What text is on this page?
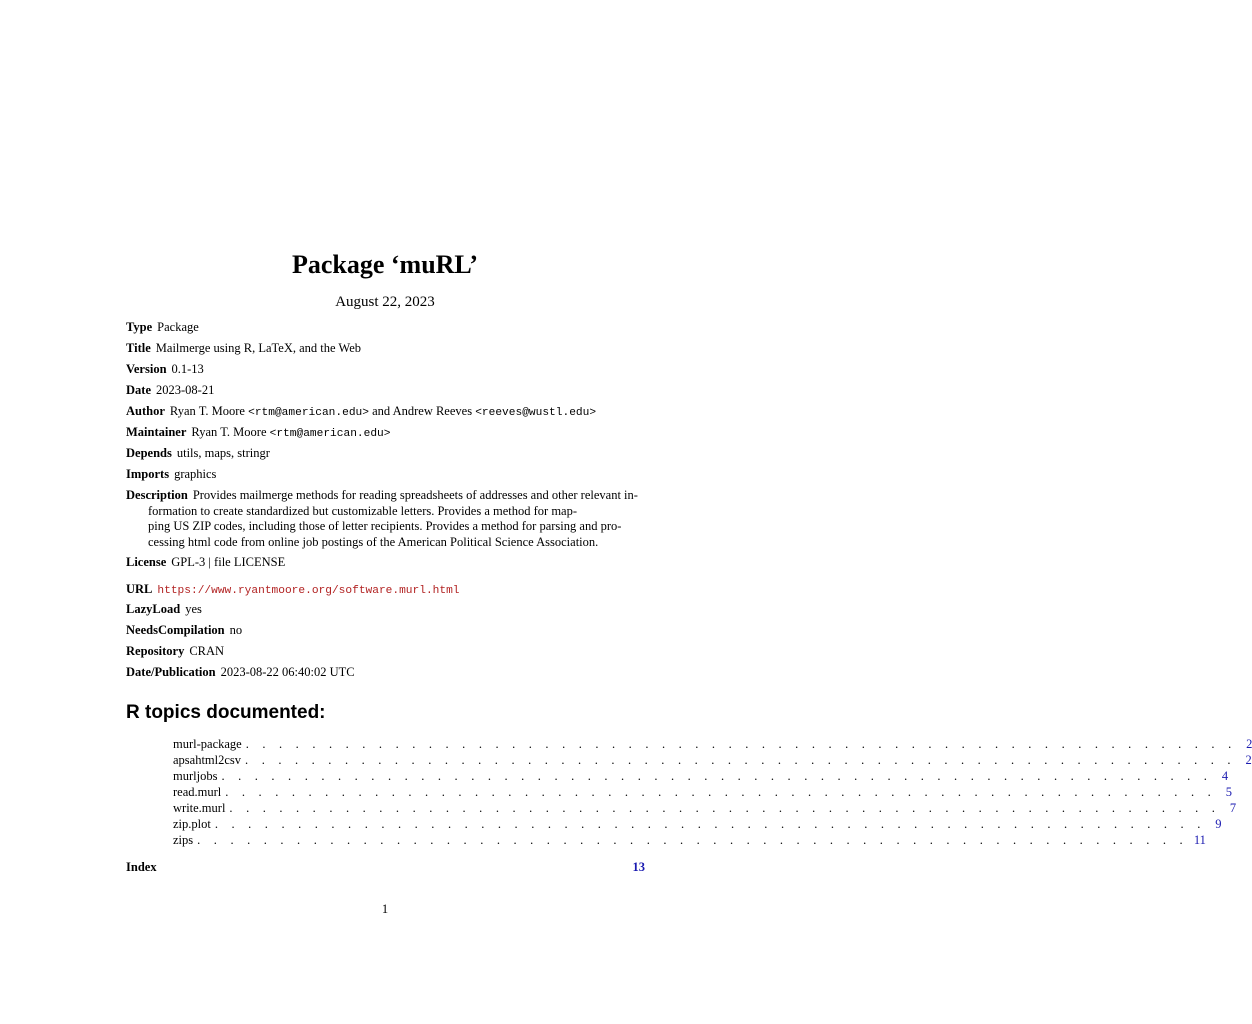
Package ‘muRL’
August 22, 2023
Type Package
Title Mailmerge using R, LaTeX, and the Web
Version 0.1-13
Date 2023-08-21
Author Ryan T. Moore <rtm@american.edu> and Andrew Reeves <reeves@wustl.edu>
Maintainer Ryan T. Moore <rtm@american.edu>
Depends utils, maps, stringr
Imports graphics
Description Provides mailmerge methods for reading spreadsheets of addresses and other relevant in-
formation to create standardized but customizable letters. Provides a method for map-
ping US ZIP codes, including those of letter recipients. Provides a method for parsing and pro-
cessing html code from online job postings of the American Political Science Association.
License GPL-3 | file LICENSE
URL https://www.ryantmoore.org/software.murl.html
LazyLoad yes
NeedsCompilation no
Repository CRAN
Date/Publication 2023-08-22 06:40:02 UTC
R topics documented:
murl-package . . . . . . . . . . . . . . . . . . . . . . . . . . . . . . . . . . . . . . . . . . . . . . . . . . . . . . . . . . . . 2
apsahtml2csv . . . . . . . . . . . . . . . . . . . . . . . . . . . . . . . . . . . . . . . . . . . . . . . . . . . . . . . . . . . . 2
murljobs . . . . . . . . . . . . . . . . . . . . . . . . . . . . . . . . . . . . . . . . . . . . . . . . . . . . . . . . . . . . 4
read.murl . . . . . . . . . . . . . . . . . . . . . . . . . . . . . . . . . . . . . . . . . . . . . . . . . . . . . . . . . . . . 5
write.murl . . . . . . . . . . . . . . . . . . . . . . . . . . . . . . . . . . . . . . . . . . . . . . . . . . . . . . . . . . . . 7
zip.plot . . . . . . . . . . . . . . . . . . . . . . . . . . . . . . . . . . . . . . . . . . . . . . . . . . . . . . . . . . . . 9
zips . . . . . . . . . . . . . . . . . . . . . . . . . . . . . . . . . . . . . . . . . . . . . . . . . . . . . . . . . . . . 11
Index	13
1
